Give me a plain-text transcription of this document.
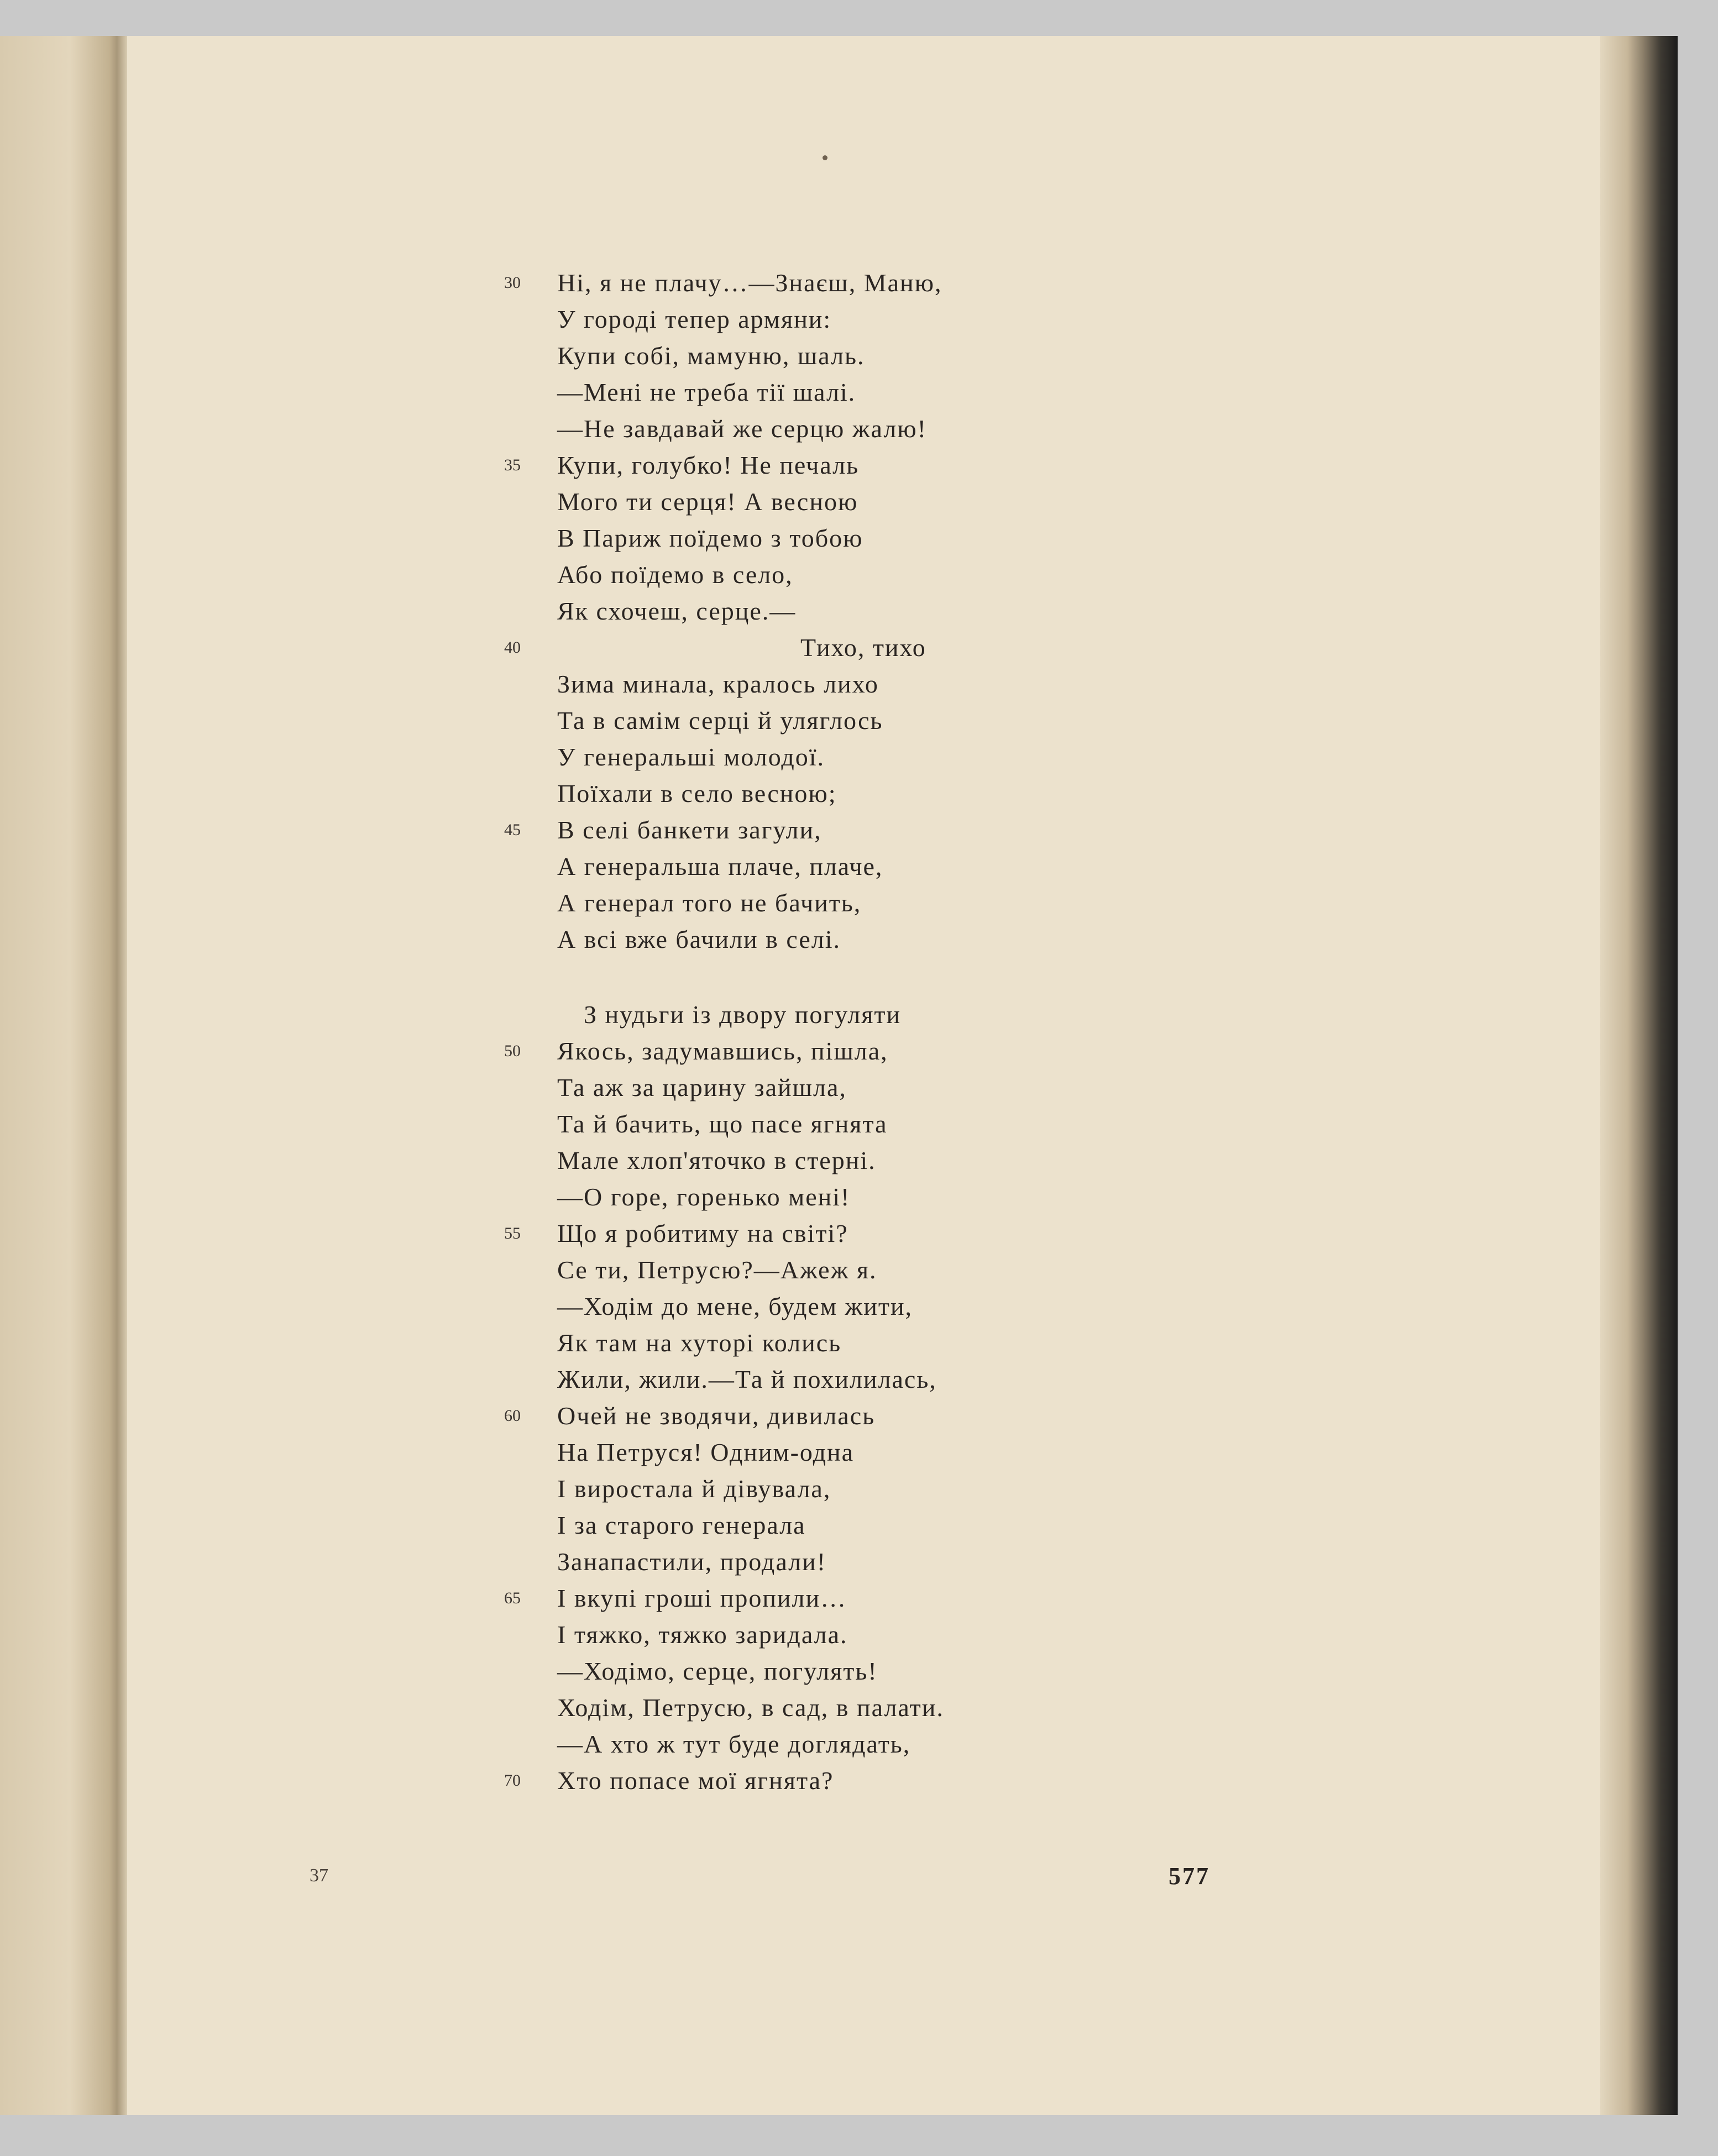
30	Ні, я не плачу…—Знаєш, Маню,
У городі тепер армяни:
Купи собі, мамуню, шаль.
—Мені не треба тії шалі.
—Не завдавай же серцю жалю!
35	Купи, голубко! Не печаль
Мого ти серця! А весною
В Париж поїдемо з тобою
Або поїдемо в село,
Як схочеш, серце.—
40	Тихо, тихо
Зима минала, кралось лихо
Та в самім серці й уляглось
У генеральші молодої.
Поїхали в село весною;
45	В селі банкети загули,
А генеральша плаче, плаче,
А генерал того не бачить,
А всі вже бачили в селі.
З нудьги із двору погуляти
50	Якось, задумавшись, пішла,
Та аж за царину зайшла,
Та й бачить, що пасе ягнята
Мале хлоп'яточко в стерні.
—О горе, горенько мені!
55	Що я робитиму на світі?
Се ти, Петрусю?—Ажеж я.
—Ходім до мене, будем жити,
Як там на хуторі колись
Жили, жили.—Та й похилилась,
60	Очей не зводячи, дивилась
На Петруся! Одним-одна
І виростала й дівувала,
І за старого генерала
Занапастили, продали!
65	І вкупі гроші пропили…
І тяжко, тяжко заридала.
—Ходімо, серце, погулять!
Ходім, Петрусю, в сад, в палати.
—А хто ж тут буде доглядать,
70	Хто попасе мої ягнята?
37	577
